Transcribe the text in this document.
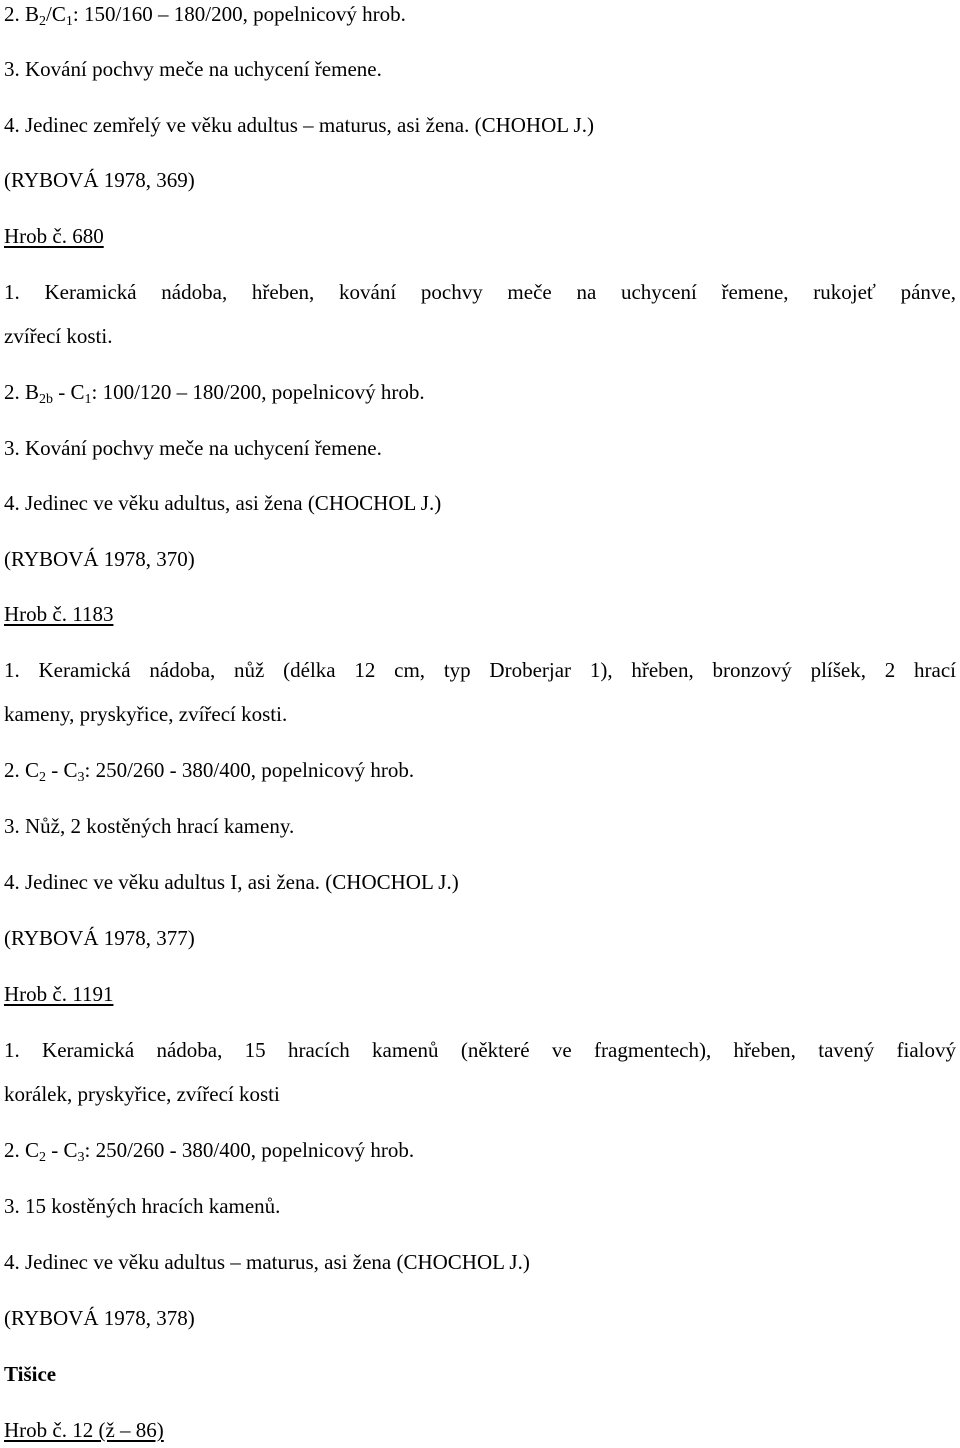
2. $B_2/C_1$: 150/160 – 180/200, popelnicový hrob.
3. Kování pochvy meče na uchycení řemene.
4. Jedinec zemřelý ve věku adultus – maturus, asi žena. (CHOHOL J.)
(RYBOVÁ 1978, 369)
Hrob č. 680
1. Keramická nádoba, hřeben, kování pochvy meče na uchycení řemene, rukojeť pánve,
zvířecí kosti.
2. $B_{2b} - C_1$: 100/120 – 180/200, popelnicový hrob.
3. Kování pochvy meče na uchycení řemene.
4. Jedinec ve věku adultus, asi žena (CHOCHOL J.)
(RYBOVÁ 1978, 370)
Hrob č. 1183
1. Keramická nádoba, nůž (délka 12 cm, typ Droberjar 1), hřeben, bronzový plíšek, 2 hrací
kameny, pryskyřice, zvířecí kosti.
2. $C_2 - C_3$: 250/260 - 380/400, popelnicový hrob.
3. Nůž, 2 kostěných hrací kameny.
4. Jedinec ve věku adultus I, asi žena. (CHOCHOL J.)
(RYBOVÁ 1978, 377)
Hrob č. 1191
1. Keramická nádoba, 15 hracích kamenů (některé ve fragmentech), hřeben, tavený fialový
korálek, pryskyřice, zvířecí kosti
2. $C_2 - C_3$: 250/260 - 380/400, popelnicový hrob.
3. 15 kostěných hracích kamenů.
4. Jedinec ve věku adultus – maturus, asi žena (CHOCHOL J.)
(RYBOVÁ 1978, 378)
Tišice
Hrob č. 12 (ž – 86)
